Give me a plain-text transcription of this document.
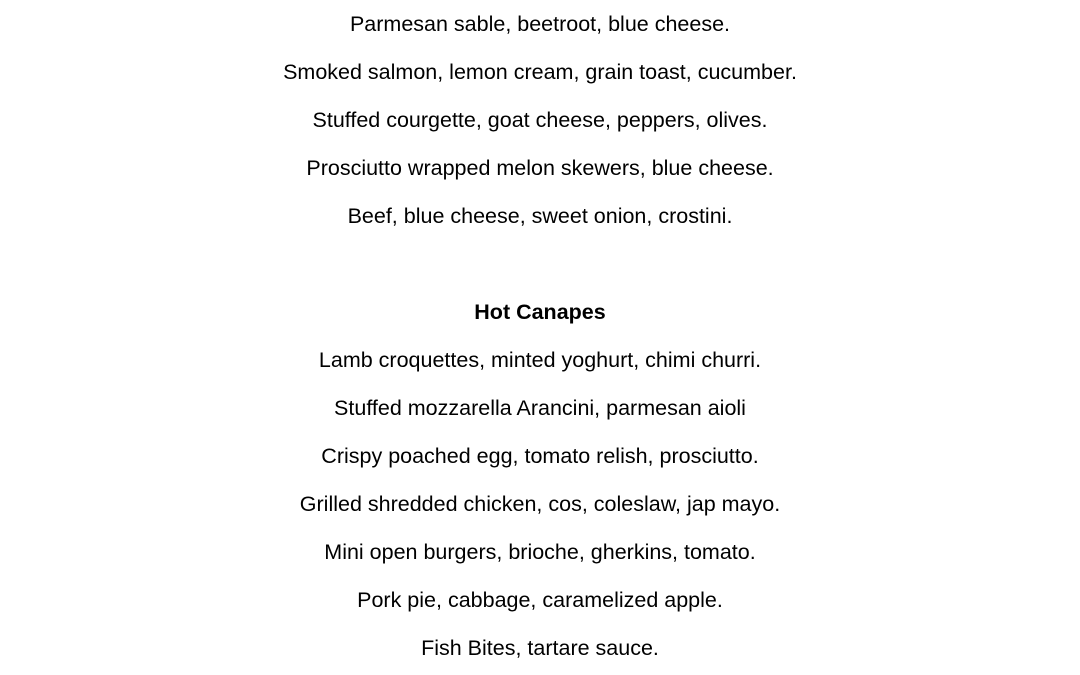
Parmesan sable, beetroot, blue cheese.
Smoked salmon, lemon cream, grain toast, cucumber.
Stuffed courgette, goat cheese, peppers, olives.
Prosciutto wrapped melon skewers, blue cheese.
Beef, blue cheese, sweet onion, crostini.
Hot Canapes
Lamb croquettes, minted yoghurt, chimi churri.
Stuffed mozzarella Arancini, parmesan aioli
Crispy poached egg, tomato relish, prosciutto.
Grilled shredded chicken, cos, coleslaw, jap mayo.
Mini open burgers, brioche, gherkins, tomato.
Pork pie, cabbage, caramelized apple.
Fish Bites, tartare sauce.
